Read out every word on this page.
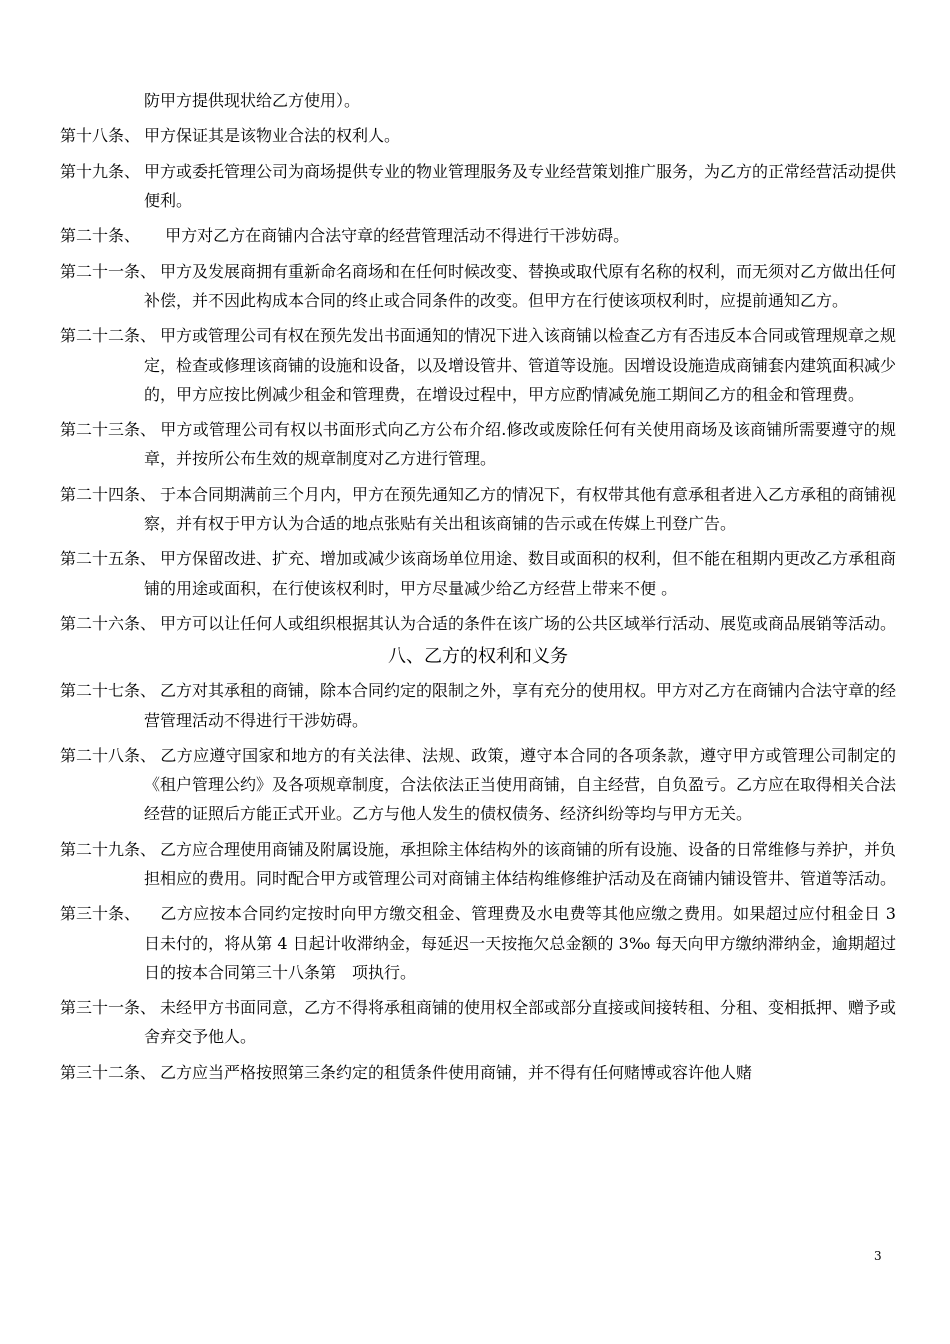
防甲方提供现状给乙方使用）。
第十八条、 甲方保证其是该物业合法的权利人。
第十九条、 甲方或委托管理公司为商场提供专业的物业管理服务及专业经营策划推广服务，为乙方的正常经营活动提供便利。
第二十条、 　 甲方对乙方在商铺内合法守章的经营管理活动不得进行干涉妨碍。
第二十一条、
　甲方及发展商拥有重新命名商场和在任何时候改变、替换或取代原有名称的权利，而无须对乙方做出任何补偿，并不因此构成本合同的终止或合同条件的改变。但甲方在行使该项权利时，应提前通知乙方。
第二十二条、
　甲方或管理公司有权在预先发出书面通知的情况下进入该商铺以检查乙方有否违反本合同或管理规章之规定，检查或修理该商铺的设施和设备，以及增设管井、管道等设施。因增设设施造成商铺套内建筑面积减少的，甲方应按比例减少租金和管理费，在增设过程中，甲方应酌情减免施工期间乙方的租金和管理费。
第二十三条、
　甲方或管理公司有权以书面形式向乙方公布介绍.修改或废除任何有关使用商场及该商铺所需要遵守的规章，并按所公布生效的规章制度对乙方进行管理。
第二十四条、
　于本合同期满前三个月内，甲方在预先通知乙方的情况下，有权带其他有意承租者进入乙方承租的商铺视察，并有权于甲方认为合适的地点张贴有关出租该商铺的告示或在传媒上刊登广告。
第二十五条、
　甲方保留改进、扩充、增加或减少该商场单位用途、数目或面积的权利，但不能在租期内更改乙方承租商铺的用途或面积，在行使该权利时，甲方尽量减少给乙方经营上带来不便 。
第二十六条、
　甲方可以让任何人或组织根据其认为合适的条件在该广场的公共区域举行活动、展览或商品展销等活动。
八、乙方的权利和义务
第二十七条、
　乙方对其承租的商铺，除本合同约定的限制之外，享有充分的使用权。甲方对乙方在商铺内合法守章的经营管理活动不得进行干涉妨碍。
第二十八条、
　乙方应遵守国家和地方的有关法律、法规、政策，遵守本合同的各项条款，遵守甲方或管理公司制定的《租户管理公约》及各项规章制度，合法依法正当使用商铺，自主经营，自负盈亏。乙方应在取得相关合法经营的证照后方能正式开业。乙方与他人发生的债权债务、经济纠纷等均与甲方无关。
第二十九条、
　乙方应合理使用商铺及附属设施，承担除主体结构外的该商铺的所有设施、设备的日常维修与养护，并负担相应的费用。同时配合甲方或管理公司对商铺主体结构维修维护活动及在商铺内铺设管井、管道等活动。
第三十条、 　乙方应按本合同约定按时向甲方缴交租金、管理费及水电费等其他应缴之费用。如果超过应付租金日 3 日未付的，将从第 4 日起计收滞纳金，每延迟一天按拖欠总金额的 3‰ 每天向甲方缴纳滞纳金，逾期超过　　日的按本合同第三十八条第　项执行。
第三十一条、
　未经甲方书面同意，乙方不得将承租商铺的使用权全部或部分直接或间接转租、分租、变相抵押、赠予或舍弃交予他人。
第三十二条、
　乙方应当严格按照第三条约定的租赁条件使用商铺，并不得有任何赌博或容许他人赌
3
